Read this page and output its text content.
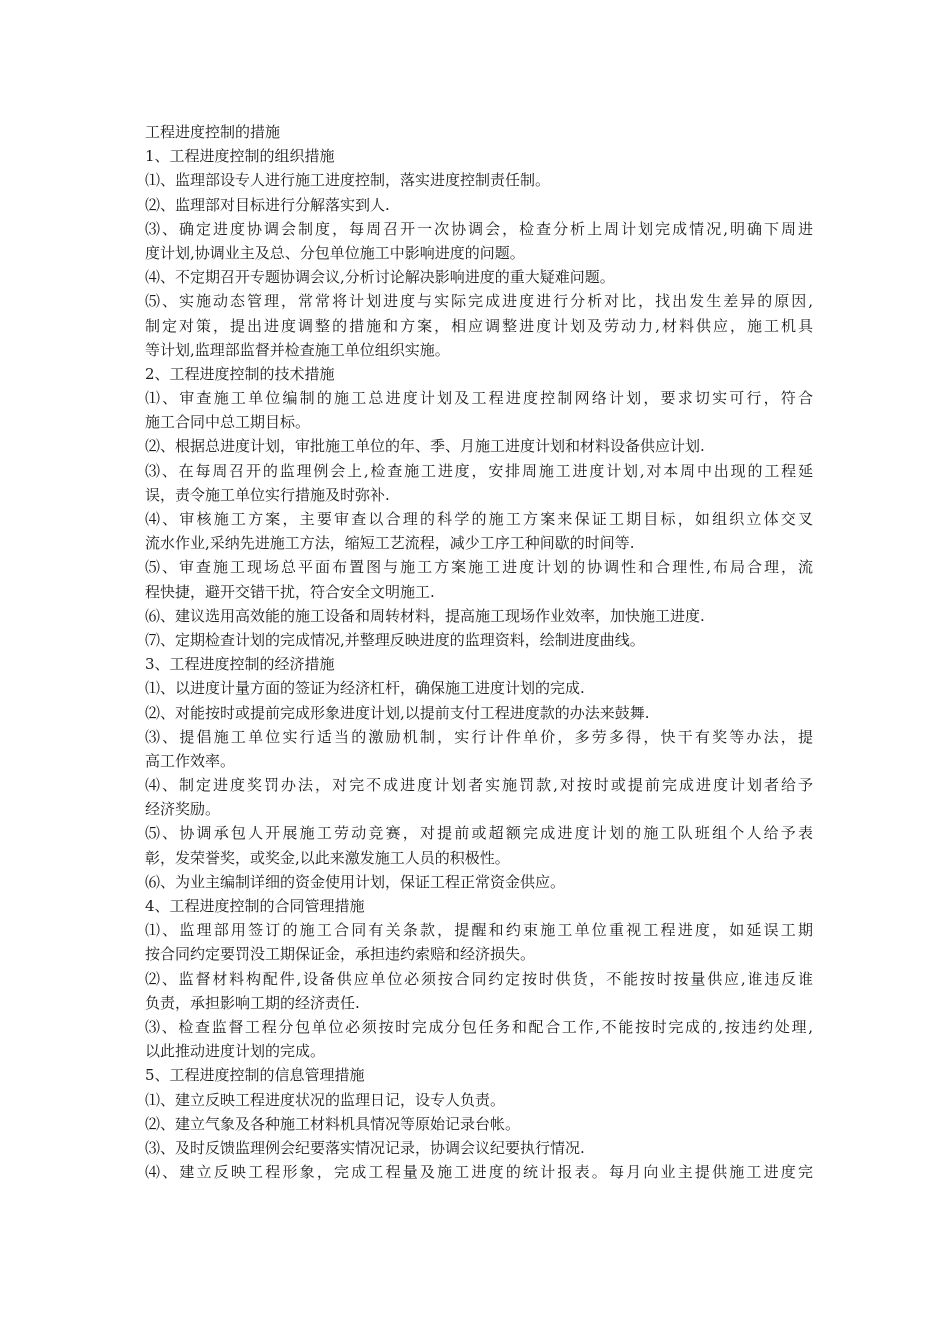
工程进度控制的措施
1、工程进度控制的组织措施
⑴、监理部设专人进行施工进度控制，落实进度控制责任制。
⑵、监理部对目标进行分解落实到人.
⑶、确定进度协调会制度，每周召开一次协调会，检查分析上周计划完成情况,明确下周进
度计划,协调业主及总、分包单位施工中影响进度的问题。
⑷、不定期召开专题协调会议,分析讨论解决影响进度的重大疑难问题。
⑸、实施动态管理，常常将计划进度与实际完成进度进行分析对比，找出发生差异的原因,
制定对策，提出进度调整的措施和方案，相应调整进度计划及劳动力,材料供应，施工机具
等计划,监理部监督并检查施工单位组织实施。
2、工程进度控制的技术措施
⑴、审查施工单位编制的施工总进度计划及工程进度控制网络计划，要求切实可行，符合
施工合同中总工期目标。
⑵、根据总进度计划，审批施工单位的年、季、月施工进度计划和材料设备供应计划.
⑶、在每周召开的监理例会上,检查施工进度，安排周施工进度计划,对本周中出现的工程延
误，责令施工单位实行措施及时弥补.
⑷、审核施工方案，主要审查以合理的科学的施工方案来保证工期目标，如组织立体交叉
流水作业,采纳先进施工方法，缩短工艺流程，减少工序工种间歇的时间等.
⑸、审查施工现场总平面布置图与施工方案施工进度计划的协调性和合理性,布局合理，流
程快捷，避开交错干扰，符合安全文明施工.
⑹、建议选用高效能的施工设备和周转材料，提高施工现场作业效率，加快施工进度.
⑺、定期检查计划的完成情况,并整理反映进度的监理资料，绘制进度曲线。
3、工程进度控制的经济措施
⑴、以进度计量方面的签证为经济杠杆，确保施工进度计划的完成.
⑵、对能按时或提前完成形象进度计划,以提前支付工程进度款的办法来鼓舞.
⑶、提倡施工单位实行适当的激励机制，实行计件单价，多劳多得，快干有奖等办法，提
高工作效率。
⑷、制定进度奖罚办法，对完不成进度计划者实施罚款,对按时或提前完成进度计划者给予
经济奖励。
⑸、协调承包人开展施工劳动竞赛，对提前或超额完成进度计划的施工队班组个人给予表
彰，发荣誉奖，或奖金,以此来激发施工人员的积极性。
⑹、为业主编制详细的资金使用计划，保证工程正常资金供应。
4、工程进度控制的合同管理措施
⑴、监理部用签订的施工合同有关条款，提醒和约束施工单位重视工程进度，如延误工期
按合同约定要罚没工期保证金，承担违约索赔和经济损失。
⑵、监督材料构配件,设备供应单位必须按合同约定按时供货，不能按时按量供应,谁违反谁
负责，承担影响工期的经济责任.
⑶、检查监督工程分包单位必须按时完成分包任务和配合工作,不能按时完成的,按违约处理,
以此推动进度计划的完成。
5、工程进度控制的信息管理措施
⑴、建立反映工程进度状况的监理日记，设专人负责。
⑵、建立气象及各种施工材料机具情况等原始记录台帐。
⑶、及时反馈监理例会纪要落实情况记录，协调会议纪要执行情况.
⑷、建立反映工程形象，完成工程量及施工进度的统计报表。每月向业主提供施工进度完
